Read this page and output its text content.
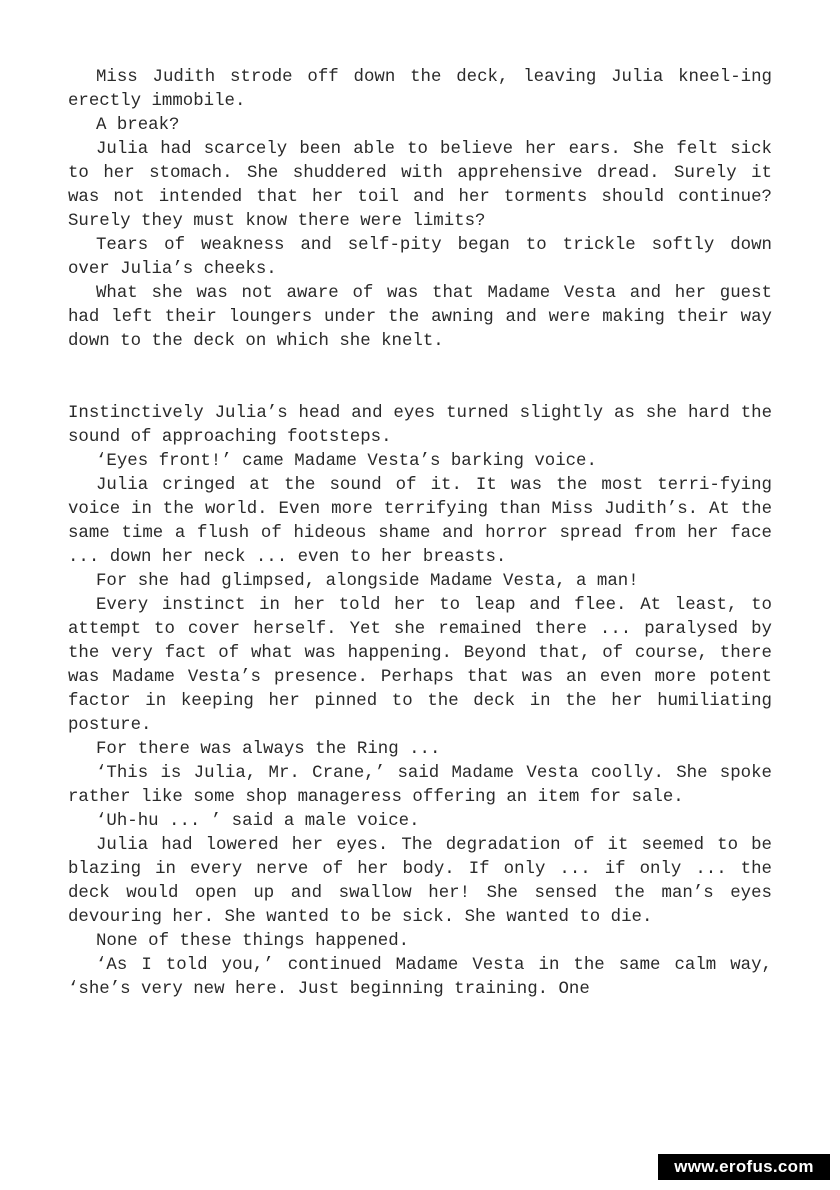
Miss Judith strode off down the deck, leaving Julia kneel-ing erectly immobile.

A break?

Julia had scarcely been able to believe her ears. She felt sick to her stomach. She shuddered with apprehensive dread. Surely it was not intended that her toil and her torments should continue? Surely they must know there were limits?

Tears of weakness and self-pity began to trickle softly down over Julia’s cheeks.

What she was not aware of was that Madame Vesta and her guest had left their loungers under the awning and were making their way down to the deck on which she knelt.

Instinctively Julia’s head and eyes turned slightly as she hard the sound of approaching footsteps.

‘Eyes front!’ came Madame Vesta’s barking voice.

Julia cringed at the sound of it. It was the most terri-fying voice in the world. Even more terrifying than Miss Judith’s. At the same time a flush of hideous shame and horror spread from her face ... down her neck ... even to her breasts.

For she had glimpsed, alongside Madame Vesta, a man!

Every instinct in her told her to leap and flee. At least, to attempt to cover herself. Yet she remained there ... paralysed by the very fact of what was happening. Beyond that, of course, there was Madame Vesta’s presence. Perhaps that was an even more potent factor in keeping her pinned to the deck in the her humiliating posture.

For there was always the Ring ...

‘This is Julia, Mr. Crane,’ said Madame Vesta coolly. She spoke rather like some shop manageress offering an item for sale.

‘Uh-hu ... ’ said a male voice.

Julia had lowered her eyes. The degradation of it seemed to be blazing in every nerve of her body. If only ... if only ... the deck would open up and swallow her! She sensed the man’s eyes devouring her. She wanted to be sick. She wanted to die.

None of these things happened.

‘As I told you,’ continued Madame Vesta in the same calm way, ‘she’s very new here. Just beginning training. One

www.erofus.com
